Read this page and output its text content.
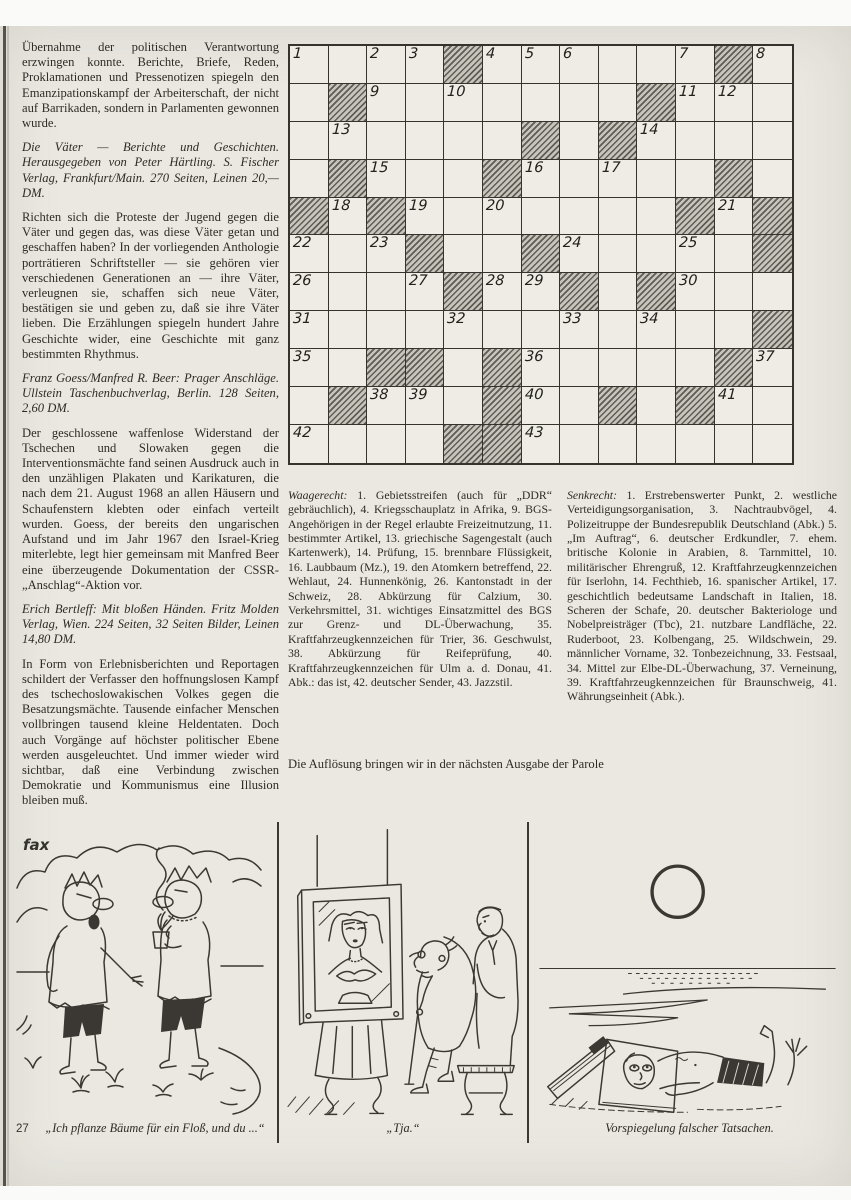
Übernahme der politischen Verantwortung erzwingen konnte. Berichte, Briefe, Reden, Proklamationen und Pressenotizen spiegeln den Emanzipationskampf der Arbeiterschaft, der nicht auf Barrikaden, sondern in Parlamenten gewonnen wurde.

Die Väter — Berichte und Geschichten. Herausgegeben von Peter Härtling. S. Fischer Verlag, Frankfurt/Main. 270 Seiten, Leinen 20,— DM.

Richten sich die Proteste der Jugend gegen die Väter und gegen das, was diese Väter getan und geschaffen haben? In der vorliegenden Anthologie porträtieren Schriftsteller — sie gehören vier verschiedenen Generationen an — ihre Väter, verleugnen sie, schaffen sich neue Väter, bestätigen sie und geben zu, daß sie ihre Väter lieben. Die Erzählungen spiegeln hundert Jahre Geschichte wider, eine Geschichte mit ganz bestimmten Rhythmus.

Franz Goess/Manfred R. Beer: Prager Anschläge. Ullstein Taschenbuchverlag, Berlin. 128 Seiten, 2,60 DM.

Der geschlossene waffenlose Widerstand der Tschechen und Slowaken gegen die Interventionsmächte fand seinen Ausdruck auch in den unzähligen Plakaten und Karikaturen, die nach dem 21. August 1968 an allen Häusern und Schaufenstern klebten oder einfach verteilt wurden. Goess, der bereits den ungarischen Aufstand und im Jahr 1967 den Israel-Krieg miterlebte, legt hier gemeinsam mit Manfred Beer eine überzeugende Dokumentation der CSSR-„Anschlag“-Aktion vor.

Erich Bertleff: Mit bloßen Händen. Fritz Molden Verlag, Wien. 224 Seiten, 32 Seiten Bilder, Leinen 14,80 DM.

In Form von Erlebnisberichten und Reportagen schildert der Verfasser den hoffnungslosen Kampf des tschechoslowakischen Volkes gegen die Besatzungsmächte. Tausende einfacher Menschen vollbringen tausend kleine Heldentaten. Doch auch Vorgänge auf höchster politischer Ebene werden ausgeleuchtet. Und immer wieder wird sichtbar, daß eine Verbindung zwischen Demokratie und Kommunismus eine Illusion bleiben muß.

1	2 3	4 5 6	7	8
9	10	11 12
13	14
15	16	17
18	19	20	21
22	23	24	25
26	27	28 29	30
31	32	33	34
35	36	37
38 39	40	41
42	43

Waagerecht: 1. Gebietsstreifen (auch für „DDR“ gebräuchlich), 4. Kriegsschauplatz in Afrika, 9. BGS-Angehörigen in der Regel erlaubte Freizeitnutzung, 11. bestimmter Artikel, 13. griechische Sagengestalt (auch Kartenwerk), 14. Prüfung, 15. brennbare Flüssigkeit, 16. Laubbaum (Mz.), 19. den Atomkern betreffend, 22. Wehlaut, 24. Hunnenkönig, 26. Kantonstadt in der Schweiz, 28. Abkürzung für Calzium, 30. Verkehrsmittel, 31. wichtiges Einsatzmittel des BGS zur Grenz- und DL-Überwachung, 35. Kraftfahrzeugkennzeichen für Trier, 36. Geschwulst, 38. Abkürzung für Reifeprüfung, 40. Kraftfahrzeugkennzeichen für Ulm a. d. Donau, 41. Abk.: das ist, 42. deutscher Sender, 43. Jazzstil.

Senkrecht: 1. Erstrebenswerter Punkt, 2. westliche Verteidigungsorganisation, 3. Nachtraubvögel, 4. Polizeitruppe der Bundesrepublik Deutschland (Abk.) 5. „Im Auftrag“, 6. deutscher Erdkundler, 7. ehem. britische Kolonie in Arabien, 8. Tarnmittel, 10. militärischer Ehrengruß, 12. Kraftfahrzeugkennzeichen für Iserlohn, 14. Fechthieb, 16. spanischer Artikel, 17. geschichtlich bedeutsame Landschaft in Italien, 18. Scheren der Schafe, 20. deutscher Bakteriologe und Nobelpreisträger (Tbc), 21. nutzbare Landfläche, 22. Ruderboot, 23. Kolbengang, 25. Wildschwein, 29. männlicher Vorname, 32. Tonbezeichnung, 33. Festsaal, 34. Mittel zur Elbe-DL-Überwachung, 37. Verneinung, 39. Kraftfahrzeugkennzeichen für Braunschweig, 41. Währungseinheit (Abk.).

Die Auflösung bringen wir in der nächsten Ausgabe der Parole
fax
„Ich pflanze Bäume für ein Floß, und du ...“	„Tja.“	Vorspiegelung falscher Tatsachen.
27
